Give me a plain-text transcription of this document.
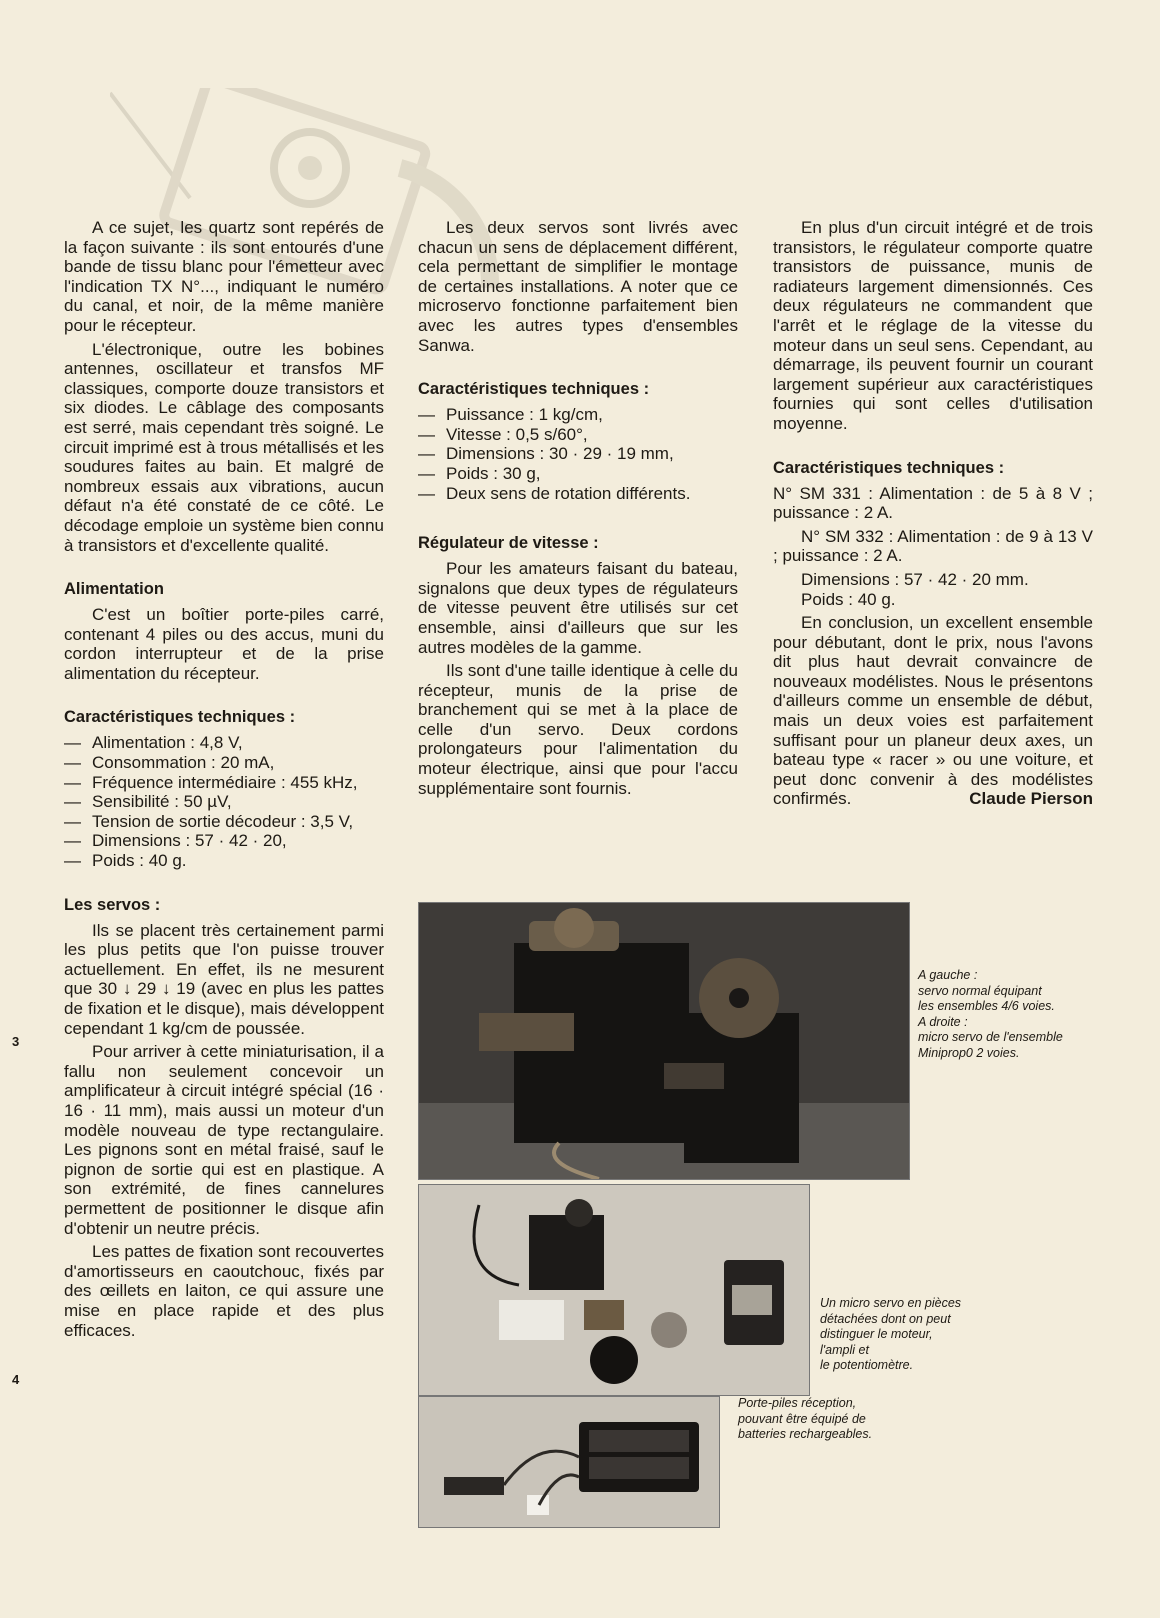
A ce sujet, les quartz sont repérés de la façon suivante : ils sont entourés d'une bande de tissu blanc pour l'émetteur avec l'indication TX N°..., indiquant le numéro du canal, et noir, de la même manière pour le récepteur.

L'électronique, outre les bobines antennes, oscillateur et transfos MF classiques, comporte douze transistors et six diodes. Le câblage des composants est serré, mais cependant très soigné. Le circuit imprimé est à trous métallisés et les soudures faites au bain. Et malgré de nombreux essais aux vibrations, aucun défaut n'a été constaté de ce côté. Le décodage emploie un système bien connu à transistors et d'excellente qualité.

Alimentation

C'est un boîtier porte-piles carré, contenant 4 piles ou des accus, muni du cordon interrupteur et de la prise alimentation du récepteur.

Caractéristiques techniques :
— Alimentation : 4,8 V,
— Consommation : 20 mA,
— Fréquence intermédiaire : 455 kHz,
— Sensibilité : 50 µV,
— Tension de sortie décodeur : 3,5 V,
— Dimensions : 57 · 42 · 20,
— Poids : 40 g.
Les servos :

Ils se placent très certainement parmi les plus petits que l'on puisse trouver actuellement. En effet, ils ne mesurent que 30 ↓ 29 ↓ 19 (avec en plus les pattes de fixation et le disque), mais développent cependant 1 kg/cm de poussée.

Pour arriver à cette miniaturisation, il a fallu non seulement concevoir un amplificateur à circuit intégré spécial (16 · 16 · 11 mm), mais aussi un moteur d'un modèle nouveau de type rectangulaire. Les pignons sont en métal fraisé, sauf le pignon de sortie qui est en plastique. A son extrémité, de fines cannelures permettent de positionner le disque afin d'obtenir un neutre précis.

Les pattes de fixation sont recouvertes d'amortisseurs en caoutchouc, fixés par des œillets en laiton, ce qui assure une mise en place rapide et des plus efficaces.

Les deux servos sont livrés avec chacun un sens de déplacement différent, cela permettant de simplifier le montage de certaines installations. A noter que ce microservo fonctionne parfaitement bien avec les autres types d'ensembles Sanwa.

Caractéristiques techniques :
— Puissance : 1 kg/cm,
— Vitesse : 0,5 s/60°,
— Dimensions : 30 · 29 · 19 mm,
— Poids : 30 g,
— Deux sens de rotation différents.
Régulateur de vitesse :

Pour les amateurs faisant du bateau, signalons que deux types de régulateurs de vitesse peuvent être utilisés sur cet ensemble, ainsi d'ailleurs que sur les autres modèles de la gamme.

Ils sont d'une taille identique à celle du récepteur, munis de la prise de branchement qui se met à la place de celle d'un servo. Deux cordons prolongateurs pour l'alimentation du moteur électrique, ainsi que pour l'accu supplémentaire sont fournis.

En plus d'un circuit intégré et de trois transistors, le régulateur comporte quatre transistors de puissance, munis de radiateurs largement dimensionnés. Ces deux régulateurs ne commandent que l'arrêt et le réglage de la vitesse du moteur dans un seul sens. Cependant, au démarrage, ils peuvent fournir un courant largement supérieur aux caractéristiques fournies qui sont celles d'utilisation moyenne.

Caractéristiques techniques :

N° SM 331 : Alimentation : de 5 à 8 V ; puissance : 2 A.

N° SM 332 : Alimentation : de 9 à 13 V ; puissance : 2 A.

Dimensions : 57 · 42 · 20 mm.

Poids : 40 g.

En conclusion, un excellent ensemble pour débutant, dont le prix, nous l'avons dit plus haut devrait convaincre de nouveaux modélistes. Nous le présentons d'ailleurs comme un ensemble de début, mais un deux voies est parfaitement suffisant pour un planeur deux axes, un bateau type « racer » ou une voiture, et peut donc convenir à des modélistes confirmés.	Claude Pierson
3
4
A gauche :
servo normal équipant
les ensembles 4/6 voies.
A droite :
micro servo de l'ensemble
Miniprop0 2 voies.
Un micro servo en pièces
détachées dont on peut
distinguer le moteur,
l'ampli et
le potentiomètre.
Porte-piles réception,
pouvant être équipé de
batteries rechargeables.
